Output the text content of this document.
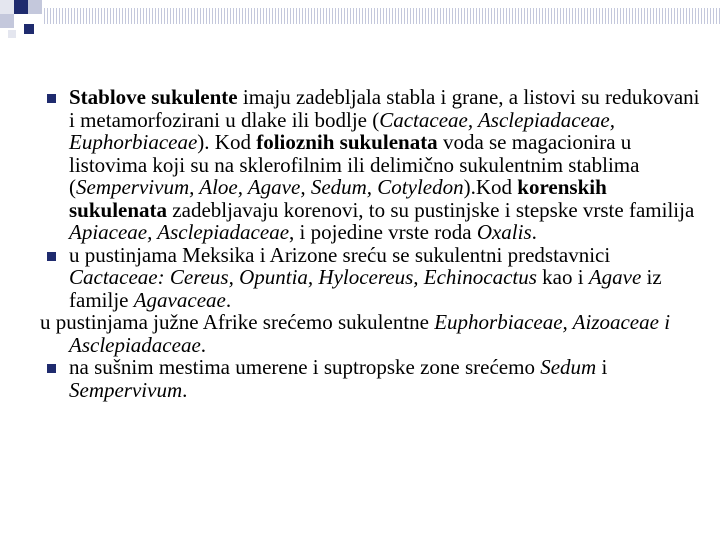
Stablove sukulente imaju zadebljala stabla i grane, a listovi su redukovani i metamorfozirani u dlake ili bodlje (Cactaceae, Asclepiadaceae, Euphorbiaceae). Kod folioznih sukulenata voda se magacionira u listovima koji su na sklerofilnim ili delimično sukulentnim stablima (Sempervivum, Aloe, Agave, Sedum, Cotyledon).Kod korenskih sukulenata zadebljavaju korenovi, to su pustinjske i stepske vrste familija Apiaceae, Asclepiadaceae, i pojedine vrste roda Oxalis.

u pustinjama Meksika i Arizone sreću se sukulentni predstavnici Cactaceae: Cereus, Opuntia, Hylocereus, Echinocactus kao i Agave iz familje Agavaceae.

u pustinjama južne Afrike srećemo sukulentne Euphorbiaceae, Aizoaceae i Asclepiadaceae.

na sušnim mestima umerene i suptropske zone srećemo Sedum i Sempervivum.
